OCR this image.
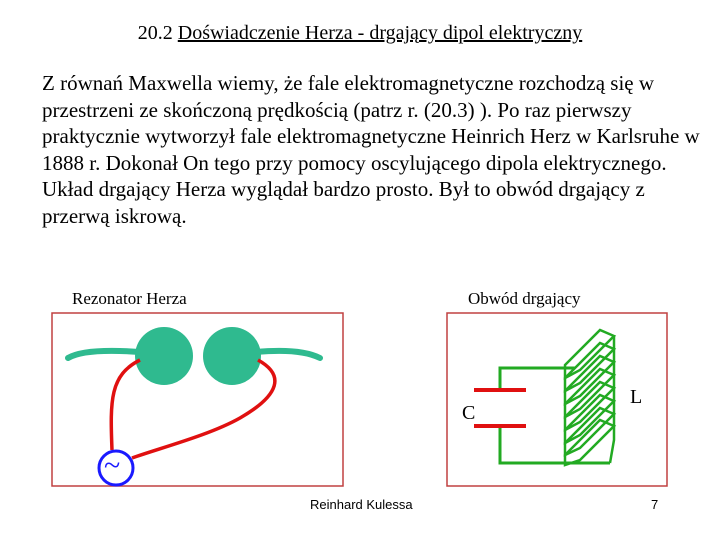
20.2 Doświadczenie Herza - drgający dipol elektryczny
Z równań Maxwella wiemy, że fale elektromagnetyczne rozchodzą się w przestrzeni ze skończoną prędkością (patrz r. (20.3) ). Po raz pierwszy praktycznie wytworzył fale elektromagnetyczne Heinrich Herz w Karlsruhe w 1888 r. Dokonał On tego przy pomocy oscylującego dipola elektrycznego. Układ drgający Herza wyglądał bardzo prosto. Był to obwód drgający z przerwą iskrową.
Rezonator Herza	Obwód drgający
~
C
L
Reinhard Kulessa	7
